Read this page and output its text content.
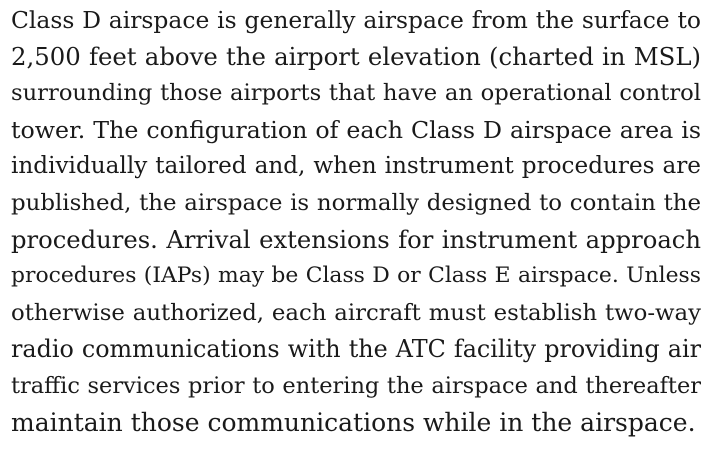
Class D airspace is generally airspace from the surface to
2,500 feet above the airport elevation (charted in MSL)
surrounding those airports that have an operational control
tower. The configuration of each Class D airspace area is
individually tailored and, when instrument procedures are
published, the airspace is normally designed to contain the
procedures. Arrival extensions for instrument approach
procedures (IAPs) may be Class D or Class E airspace. Unless
otherwise authorized, each aircraft must establish two-way
radio communications with the ATC facility providing air
traffic services prior to entering the airspace and thereafter
maintain those communications while in the airspace.
